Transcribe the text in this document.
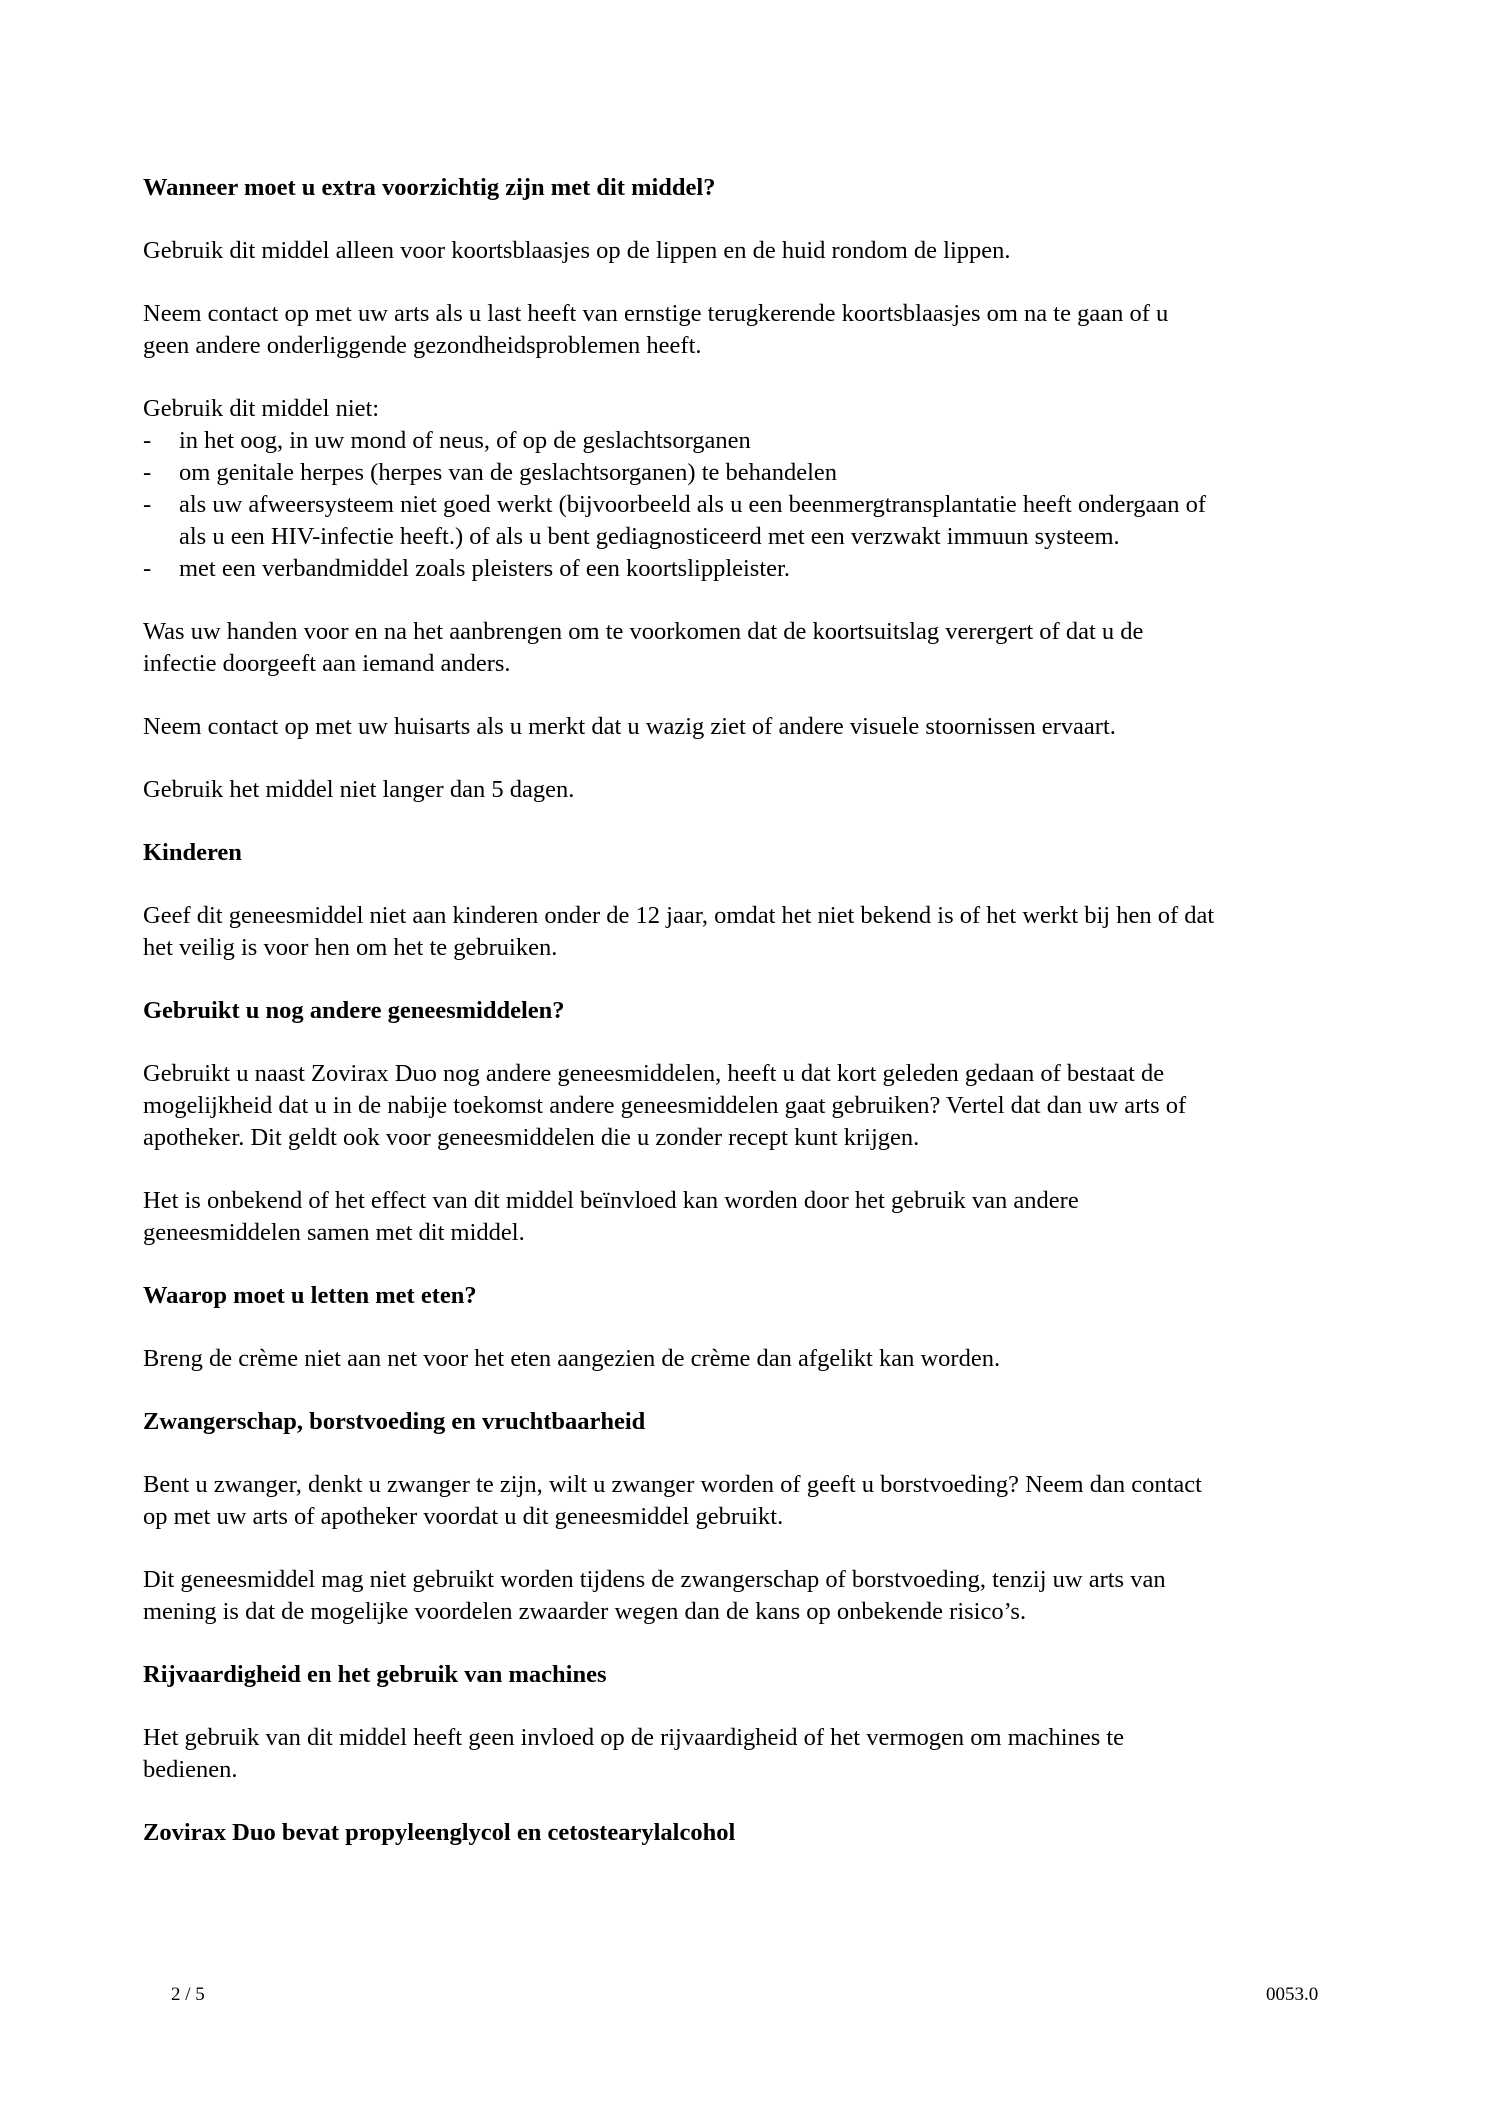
Wanneer moet u extra voorzichtig zijn met dit middel?
Gebruik dit middel alleen voor koortsblaasjes op de lippen en de huid rondom de lippen.
Neem contact op met uw arts als u last heeft van ernstige terugkerende koortsblaasjes om na te gaan of u
geen andere onderliggende gezondheidsproblemen heeft.
Gebruik dit middel niet:
- in het oog, in uw mond of neus, of op de geslachtsorganen
- om genitale herpes (herpes van de geslachtsorganen) te behandelen
- als uw afweersysteem niet goed werkt (bijvoorbeeld als u een beenmergtransplantatie heeft ondergaan of
als u een HIV-infectie heeft.) of als u bent gediagnosticeerd met een verzwakt immuun systeem.
- met een verbandmiddel zoals pleisters of een koortslippleister.
Was uw handen voor en na het aanbrengen om te voorkomen dat de koortsuitslag verergert of dat u de
infectie doorgeeft aan iemand anders.
Neem contact op met uw huisarts als u merkt dat u wazig ziet of andere visuele stoornissen ervaart.
Gebruik het middel niet langer dan 5 dagen.
Kinderen
Geef dit geneesmiddel niet aan kinderen onder de 12 jaar, omdat het niet bekend is of het werkt bij hen of dat
het veilig is voor hen om het te gebruiken.
Gebruikt u nog andere geneesmiddelen?
Gebruikt u naast Zovirax Duo nog andere geneesmiddelen, heeft u dat kort geleden gedaan of bestaat de
mogelijkheid dat u in de nabije toekomst andere geneesmiddelen gaat gebruiken? Vertel dat dan uw arts of
apotheker. Dit geldt ook voor geneesmiddelen die u zonder recept kunt krijgen.
Het is onbekend of het effect van dit middel beïnvloed kan worden door het gebruik van andere
geneesmiddelen samen met dit middel.
Waarop moet u letten met eten?
Breng de crème niet aan net voor het eten aangezien de crème dan afgelikt kan worden.
Zwangerschap, borstvoeding en vruchtbaarheid
Bent u zwanger, denkt u zwanger te zijn, wilt u zwanger worden of geeft u borstvoeding? Neem dan contact
op met uw arts of apotheker voordat u dit geneesmiddel gebruikt.
Dit geneesmiddel mag niet gebruikt worden tijdens de zwangerschap of borstvoeding, tenzij uw arts van
mening is dat de mogelijke voordelen zwaarder wegen dan de kans op onbekende risico’s.
Rijvaardigheid en het gebruik van machines
Het gebruik van dit middel heeft geen invloed op de rijvaardigheid of het vermogen om machines te
bedienen.
Zovirax Duo bevat propyleenglycol en cetostearylalcohol
2 / 5	0053.0
